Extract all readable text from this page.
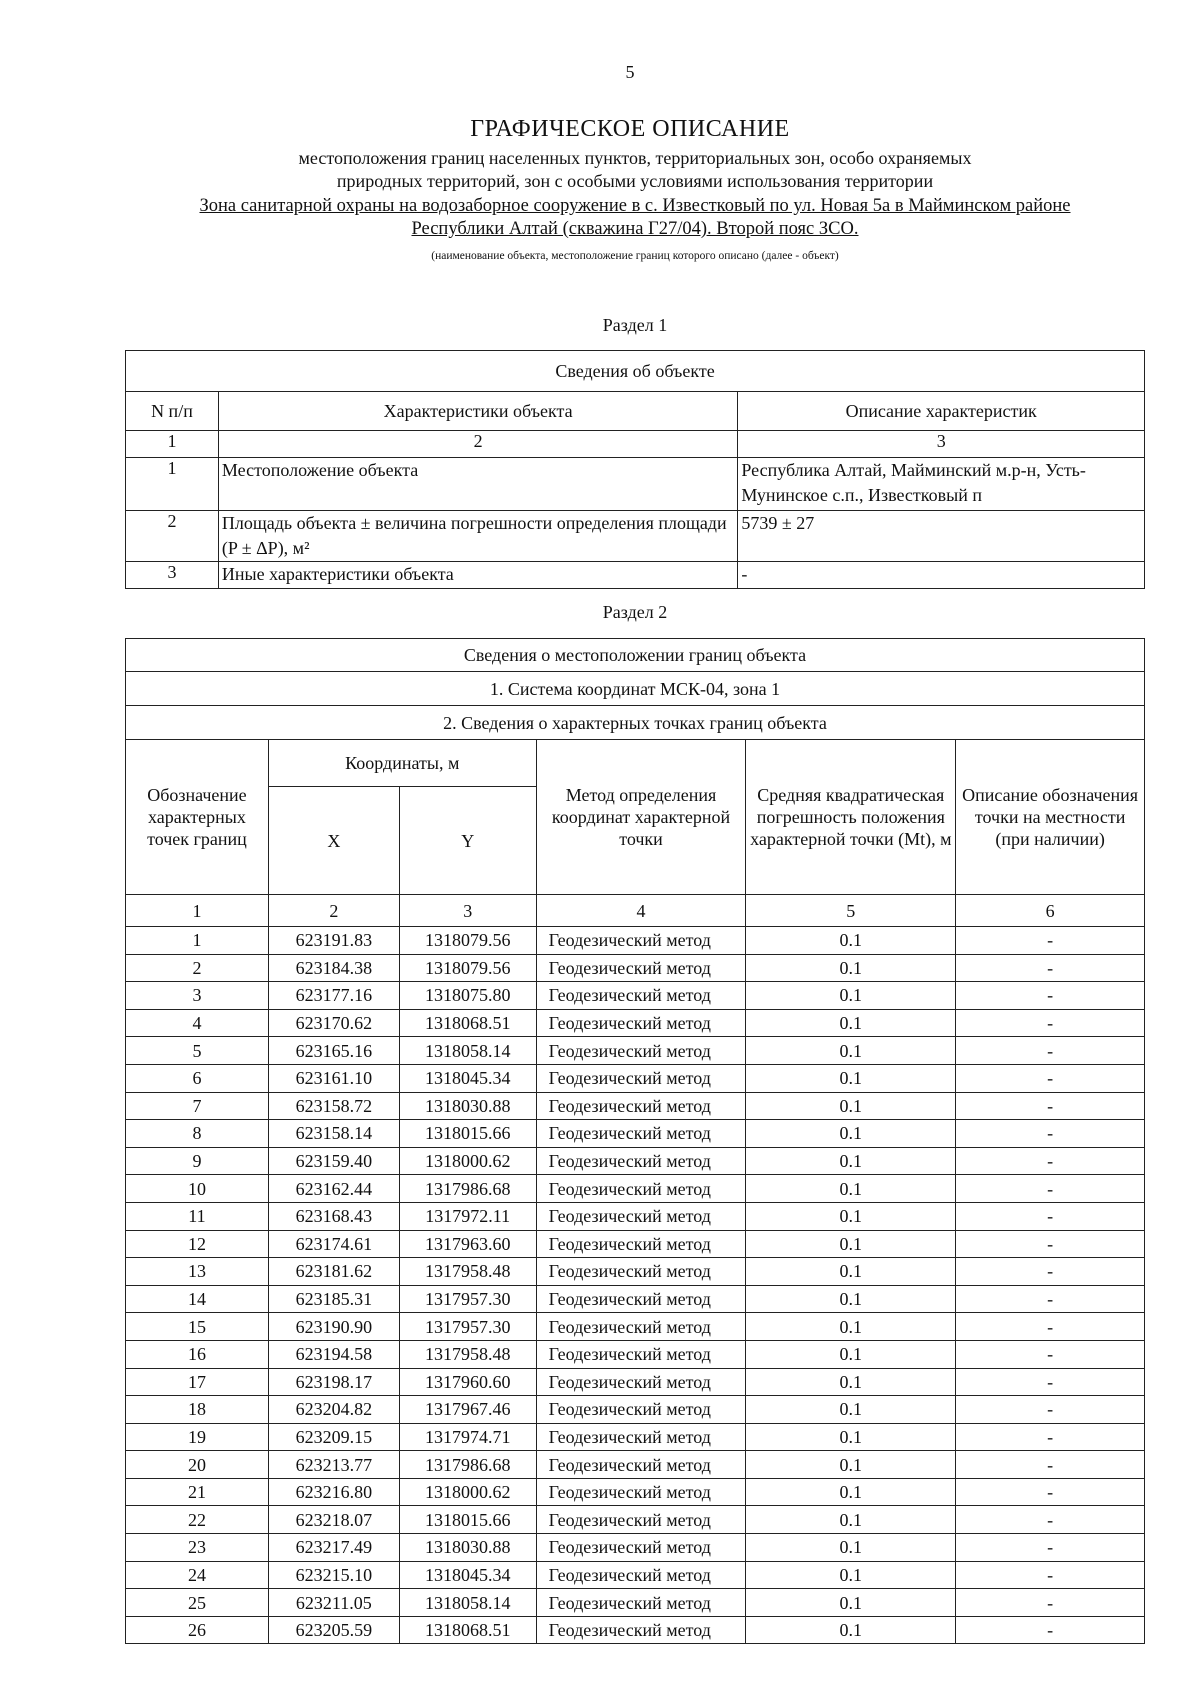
5
ГРАФИЧЕСКОЕ ОПИСАНИЕ
местоположения границ населенных пунктов, территориальных зон, особо охраняемых
природных территорий, зон с особыми условиями использования территории
Зона санитарной охраны на водозаборное сооружение в с. Известковый по ул. Новая 5а в Майминском районе
Республики Алтай (скважина Г27/04). Второй пояс ЗСО.
(наименование объекта, местоположение границ которого описано (далее - объект)
Раздел 1
Сведения об объекте		
N п/п	Характеристики объекта	Описание характеристик
1	2	3
1	Местоположение объекта	Республика Алтай, Майминский м.р-н, Усть-Мунинское с.п., Известковый п
2	Площадь объекта ± величина погрешности определения площади (P ± ΔP), м²	5739 ± 27
3	Иные характеристики объекта	-
Раздел 2
Сведения о местоположении границ объекта					
1. Система координат МСК-04, зона 1					
2. Сведения о характерных точках границ объекта					
Обозначение характерных точек границ	Координаты, м		Метод определения координат характерной точки	Средняя квадратическая погрешность положения характерной точки (Mt), м	Описание обозначения точки на местности (при наличии)
	X	Y			
1	2	3	4	5	6
1	623191.83	1318079.56	Геодезический метод	0.1	-
2	623184.38	1318079.56	Геодезический метод	0.1	-
3	623177.16	1318075.80	Геодезический метод	0.1	-
4	623170.62	1318068.51	Геодезический метод	0.1	-
5	623165.16	1318058.14	Геодезический метод	0.1	-
6	623161.10	1318045.34	Геодезический метод	0.1	-
7	623158.72	1318030.88	Геодезический метод	0.1	-
8	623158.14	1318015.66	Геодезический метод	0.1	-
9	623159.40	1318000.62	Геодезический метод	0.1	-
10	623162.44	1317986.68	Геодезический метод	0.1	-
11	623168.43	1317972.11	Геодезический метод	0.1	-
12	623174.61	1317963.60	Геодезический метод	0.1	-
13	623181.62	1317958.48	Геодезический метод	0.1	-
14	623185.31	1317957.30	Геодезический метод	0.1	-
15	623190.90	1317957.30	Геодезический метод	0.1	-
16	623194.58	1317958.48	Геодезический метод	0.1	-
17	623198.17	1317960.60	Геодезический метод	0.1	-
18	623204.82	1317967.46	Геодезический метод	0.1	-
19	623209.15	1317974.71	Геодезический метод	0.1	-
20	623213.77	1317986.68	Геодезический метод	0.1	-
21	623216.80	1318000.62	Геодезический метод	0.1	-
22	623218.07	1318015.66	Геодезический метод	0.1	-
23	623217.49	1318030.88	Геодезический метод	0.1	-
24	623215.10	1318045.34	Геодезический метод	0.1	-
25	623211.05	1318058.14	Геодезический метод	0.1	-
26	623205.59	1318068.51	Геодезический метод	0.1	-
